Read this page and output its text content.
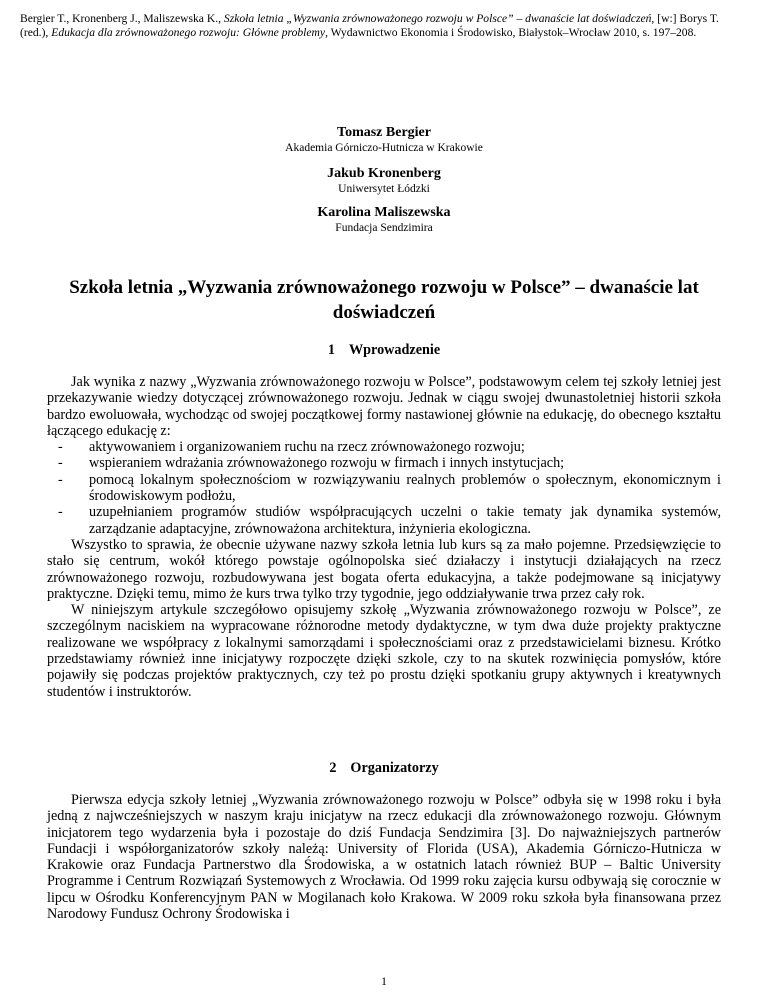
Bergier T., Kronenberg J., Maliszewska K., Szkoła letnia „Wyzwania zrównoważonego rozwoju w Polsce” – dwanaście lat doświadczeń, [w:] Borys T. (red.), Edukacja dla zrównoważonego rozwoju: Główne problemy, Wydawnictwo Ekonomia i Środowisko, Białystok–Wrocław 2010, s. 197–208.
Tomasz Bergier
Akademia Górniczo-Hutnicza w Krakowie
Jakub Kronenberg
Uniwersytet Łódzki
Karolina Maliszewska
Fundacja Sendzimira
Szkoła letnia „Wyzwania zrównoważonego rozwoju w Polsce” – dwanaście lat doświadczeń
1 Wprowadzenie

Jak wynika z nazwy „Wyzwania zrównoważonego rozwoju w Polsce”, podstawowym celem tej szkoły letniej jest przekazywanie wiedzy dotyczącej zrównoważonego rozwoju. Jednak w ciągu swojej dwunastoletniej historii szkoła bardzo ewoluowała, wychodząc od swojej początkowej formy nastawionej głównie na edukację, do obecnego kształtu łączącego edukację z:

- aktywowaniem i organizowaniem ruchu na rzecz zrównoważonego rozwoju;
- wspieraniem wdrażania zrównoważonego rozwoju w firmach i innych instytucjach;
- pomocą lokalnym społecznościom w rozwiązywaniu realnych problemów o społecznym, ekonomicznym i środowiskowym podłożu,
- uzupełnianiem programów studiów współpracujących uczelni o takie tematy jak dynamika systemów, zarządzanie adaptacyjne, zrównoważona architektura, inżynieria ekologiczna.

Wszystko to sprawia, że obecnie używane nazwy szkoła letnia lub kurs są za mało pojemne. Przedsięwzięcie to stało się centrum, wokół którego powstaje ogólnopolska sieć działaczy i instytucji działających na rzecz zrównoważonego rozwoju, rozbudowywana jest bogata oferta edukacyjna, a także podejmowane są inicjatywy praktyczne. Dzięki temu, mimo że kurs trwa tylko trzy tygodnie, jego oddziaływanie trwa przez cały rok.

W niniejszym artykule szczegółowo opisujemy szkołę „Wyzwania zrównoważonego rozwoju w Polsce”, ze szczególnym naciskiem na wypracowane różnorodne metody dydaktyczne, w tym dwa duże projekty praktyczne realizowane we współpracy z lokalnymi samorządami i społecznościami oraz z przedstawicielami biznesu. Krótko przedstawiamy również inne inicjatywy rozpoczęte dzięki szkole, czy to na skutek rozwinięcia pomysłów, które pojawiły się podczas projektów praktycznych, czy też po prostu dzięki spotkaniu grupy aktywnych i kreatywnych studentów i instruktorów.

2 Organizatorzy

Pierwsza edycja szkoły letniej „Wyzwania zrównoważonego rozwoju w Polsce” odbyła się w 1998 roku i była jedną z najwcześniejszych w naszym kraju inicjatyw na rzecz edukacji dla zrównoważonego rozwoju. Głównym inicjatorem tego wydarzenia była i pozostaje do dziś Fundacja Sendzimira [3]. Do najważniejszych partnerów Fundacji i współorganizatorów szkoły należą: University of Florida (USA), Akademia Górniczo-Hutnicza w Krakowie oraz Fundacja Partnerstwo dla Środowiska, a w ostatnich latach również BUP – Baltic University Programme i Centrum Rozwiązań Systemowych z Wrocławia. Od 1999 roku zajęcia kursu odbywają się corocznie w lipcu w Ośrodku Konferencyjnym PAN w Mogilanach koło Krakowa. W 2009 roku szkoła była finansowana przez Narodowy Fundusz Ochrony Środowiska i

1
